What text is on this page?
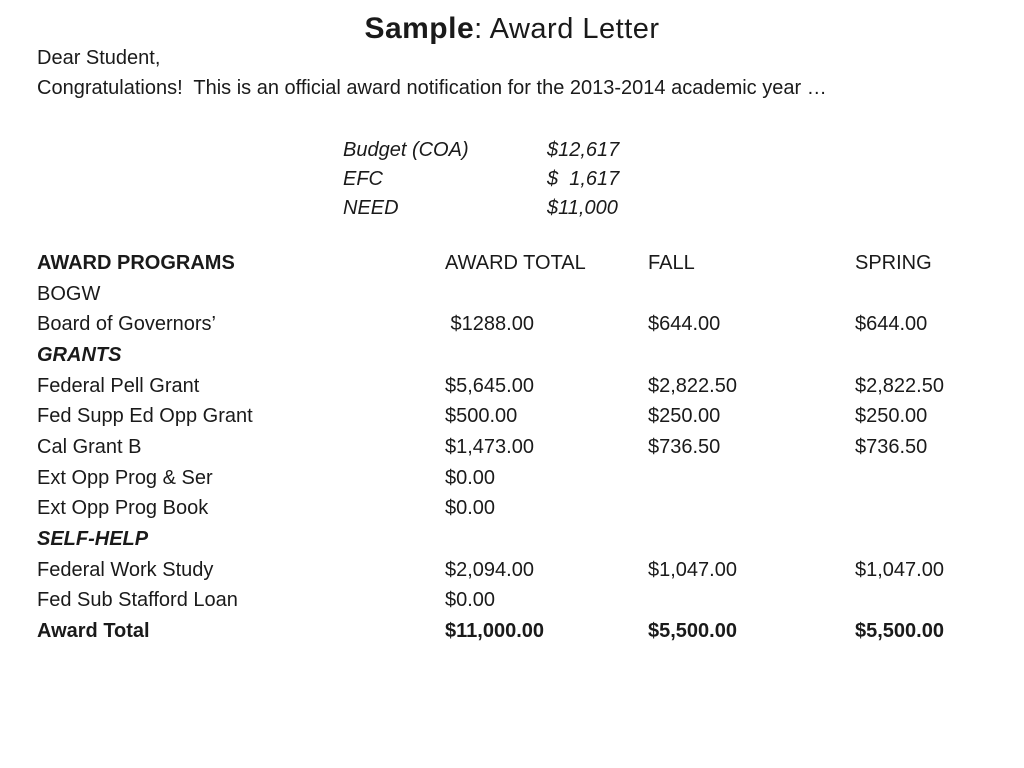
Sample: Award Letter
Dear Student,
Congratulations!  This is an official award notification for the 2013-2014 academic year …
Budget (COA)	$12,617
EFC	$  1,617
NEED	$11,000
AWARD PROGRAMS	AWARD TOTAL	FALL	SPRING
BOGW
Board of Governors’	$1288.00	$644.00	$644.00
GRANTS
Federal Pell Grant	$5,645.00	$2,822.50	$2,822.50
Fed Supp Ed Opp Grant	$500.00	$250.00	$250.00
Cal Grant B	$1,473.00	$736.50	$736.50
Ext Opp Prog & Ser	$0.00
Ext Opp Prog Book	$0.00
SELF-HELP
Federal Work Study	$2,094.00	$1,047.00	$1,047.00
Fed Sub Stafford Loan	$0.00
Award Total	$11,000.00	$5,500.00	$5,500.00
